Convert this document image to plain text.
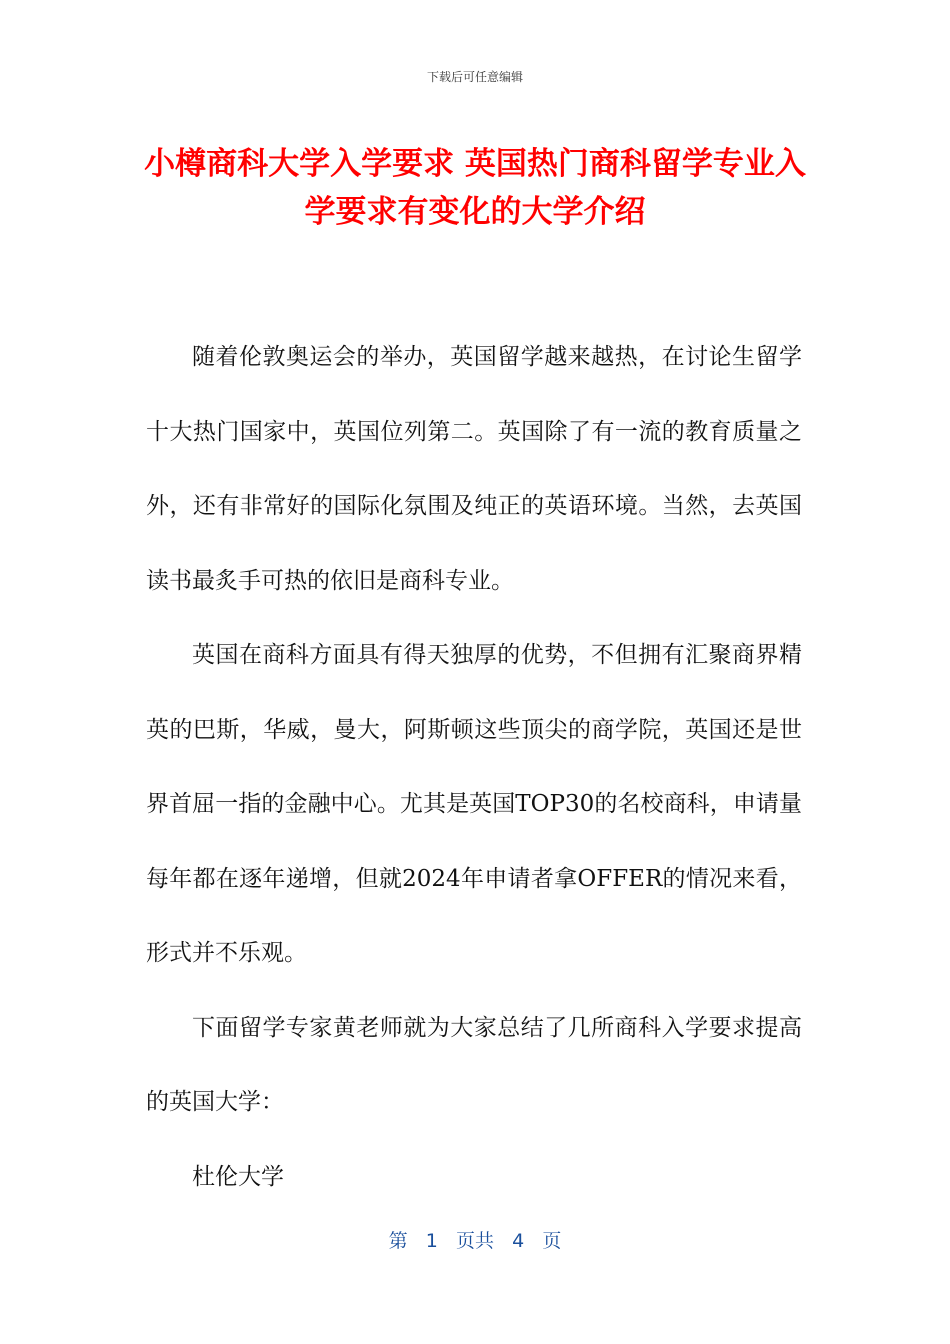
下载后可任意编辑
小樽商科大学入学要求 英国热门商科留学专业入学要求有变化的大学介绍

随着伦敦奥运会的举办，英国留学越来越热，在讨论生留学十大热门国家中，英国位列第二。英国除了有一流的教育质量之外，还有非常好的国际化氛围及纯正的英语环境。当然，去英国读书最炙手可热的依旧是商科专业。

英国在商科方面具有得天独厚的优势，不但拥有汇聚商界精英的巴斯，华威，曼大，阿斯顿这些顶尖的商学院，英国还是世界首屈一指的金融中心。尤其是英国TOP30的名校商科，申请量每年都在逐年递增，但就2024年申请者拿OFFER的情况来看，形式并不乐观。

下面留学专家黄老师就为大家总结了几所商科入学要求提高的英国大学：

杜伦大学

第 1 页共 4 页
